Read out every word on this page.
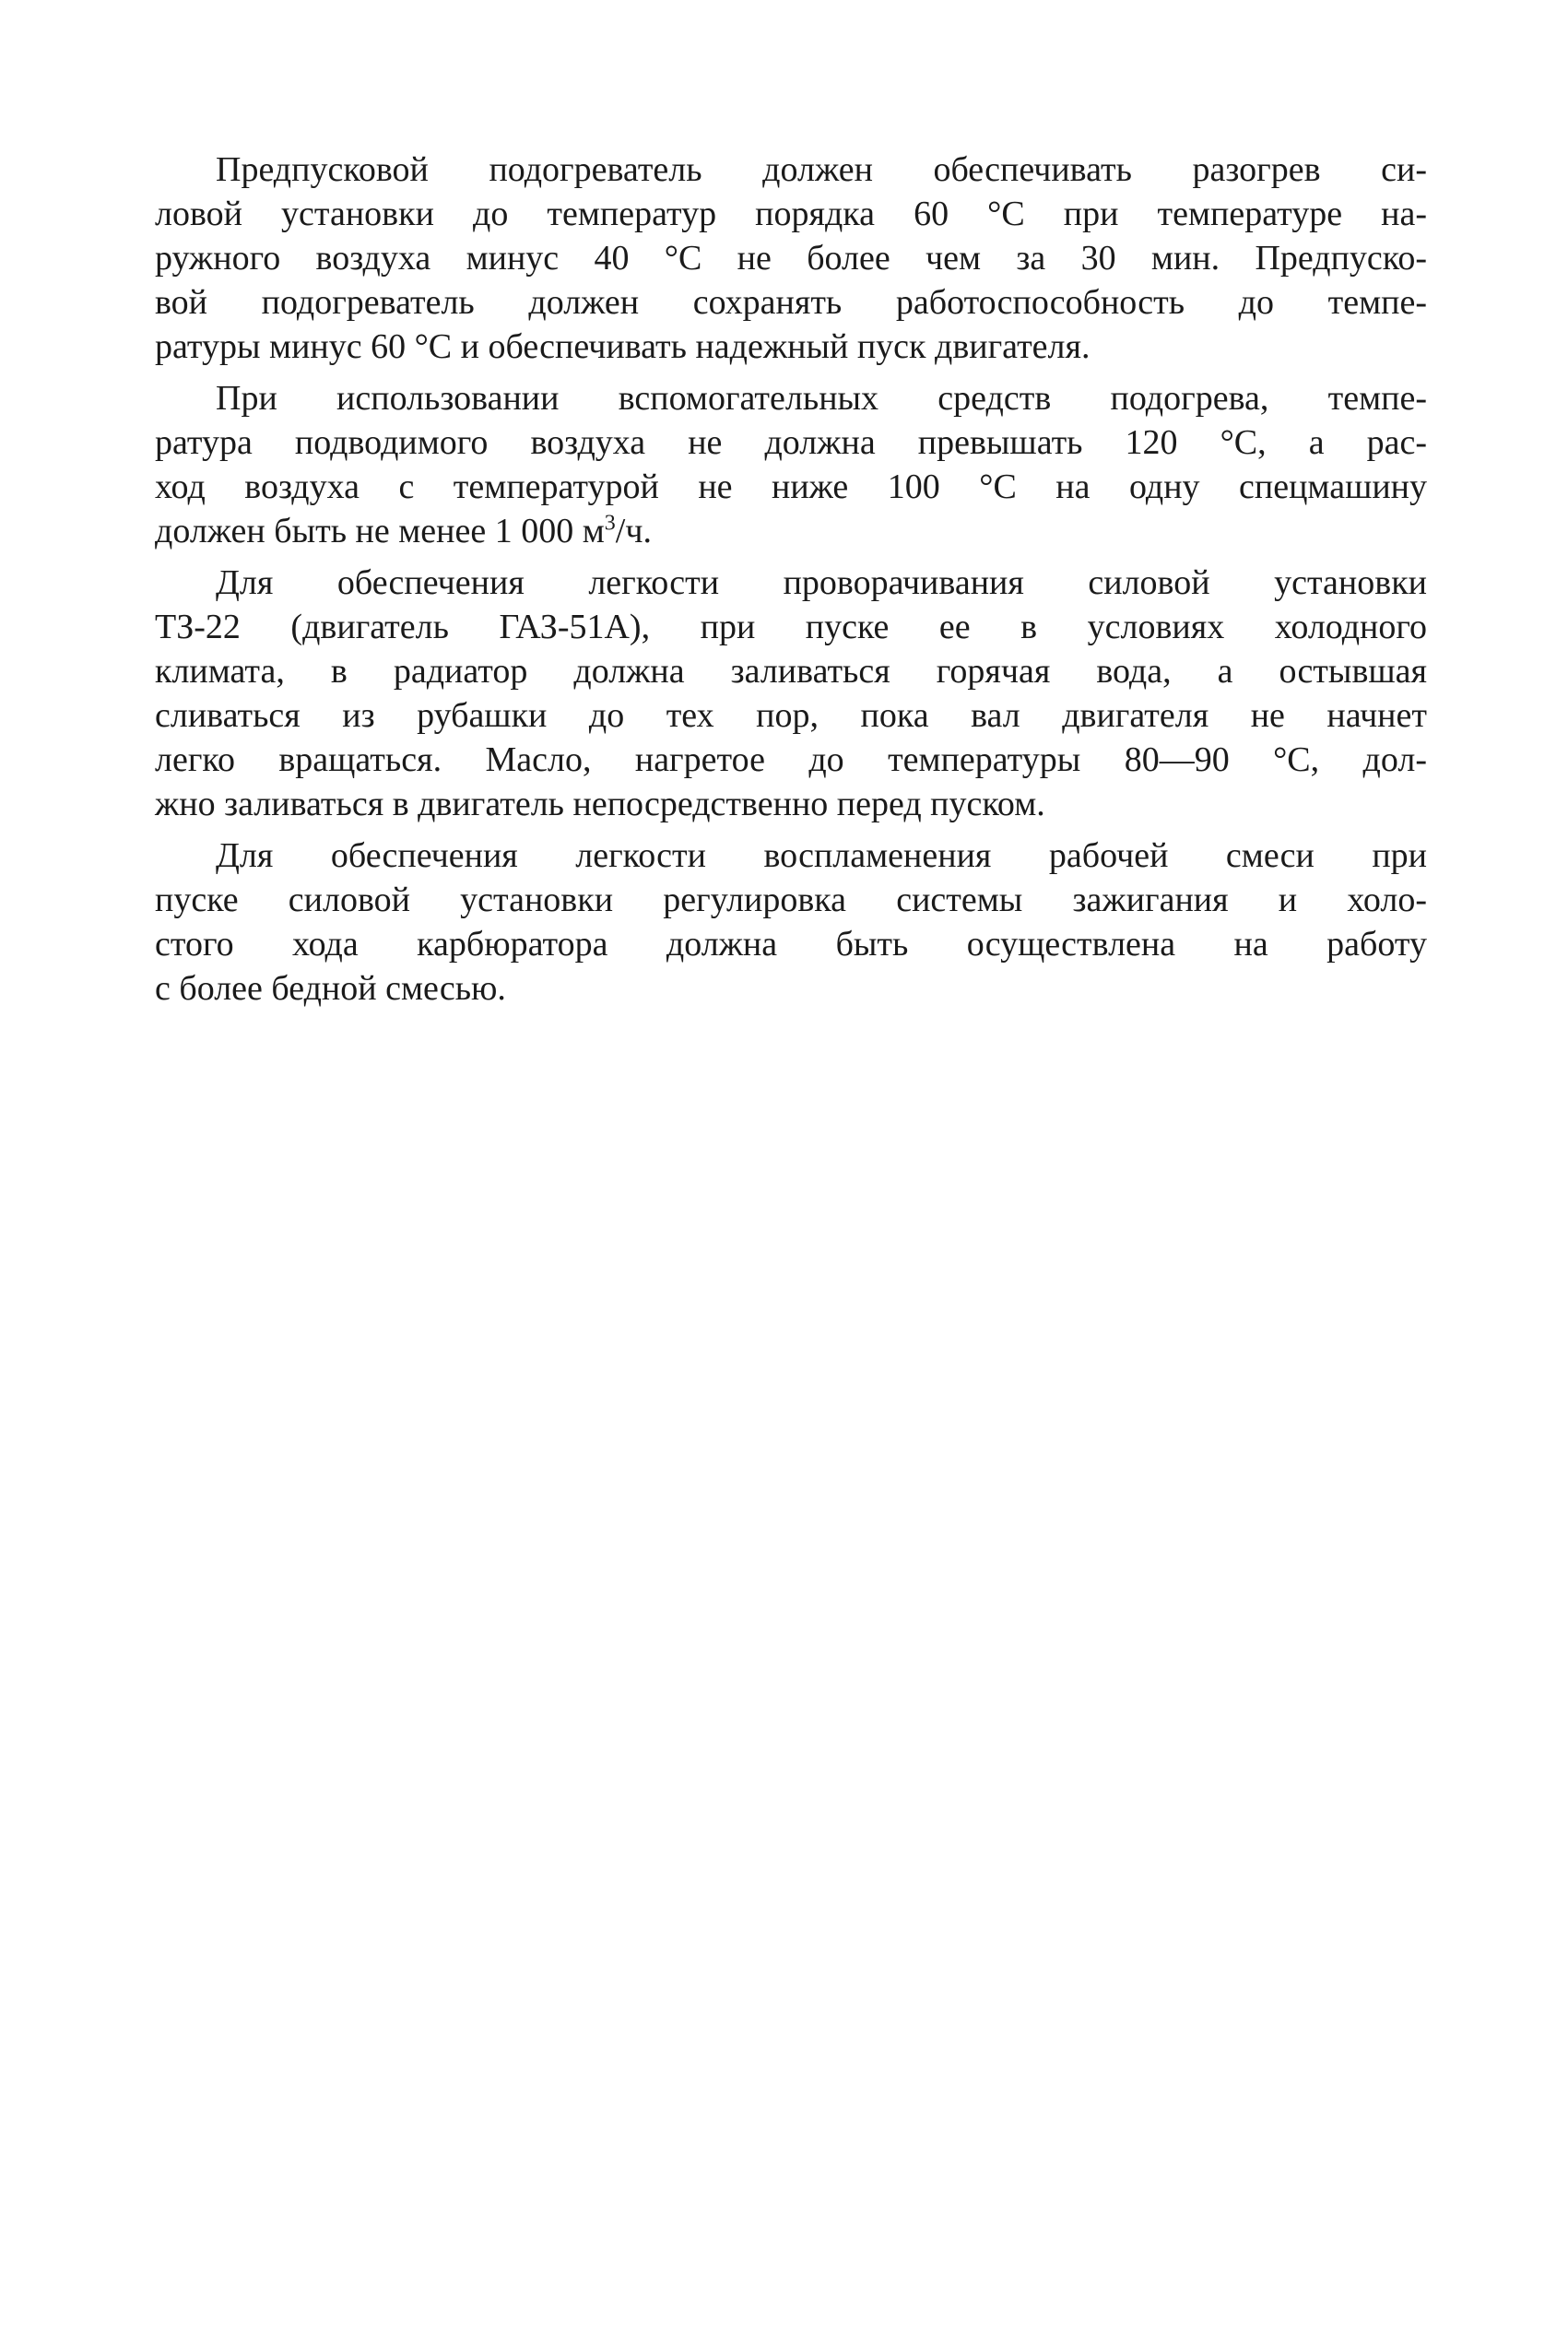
Предпусковой подогреватель должен обеспечивать разогрев си-
ловой установки до температур порядка 60 °С при температуре на-
ружного воздуха минус 40 °С не более чем за 30 мин. Предпуско-
вой подогреватель должен сохранять работоспособность до темпе-
ратуры минус 60 °С и обеспечивать надежный пуск двигателя.
При использовании вспомогательных средств подогрева, темпе-
ратура подводимого воздуха не должна превышать 120 °С, а рас-
ход воздуха с температурой не ниже 100 °С на одну спецмашину
должен быть не менее 1 000 $м^3/ч$.
Для обеспечения легкости проворачивания силовой установки
ТЗ-22 (двигатель ГАЗ-51А), при пуске ее в условиях холодного
климата, в радиатор должна заливаться горячая вода, а остывшая
сливаться из рубашки до тех пор, пока вал двигателя не начнет
легко вращаться. Масло, нагретое до температуры 80—90 °С, дол-
жно заливаться в двигатель непосредственно перед пуском.
Для обеспечения легкости воспламенения рабочей смеси при
пуске силовой установки регулировка системы зажигания и холо-
стого хода карбюратора должна быть осуществлена на работу
с более бедной смесью.
